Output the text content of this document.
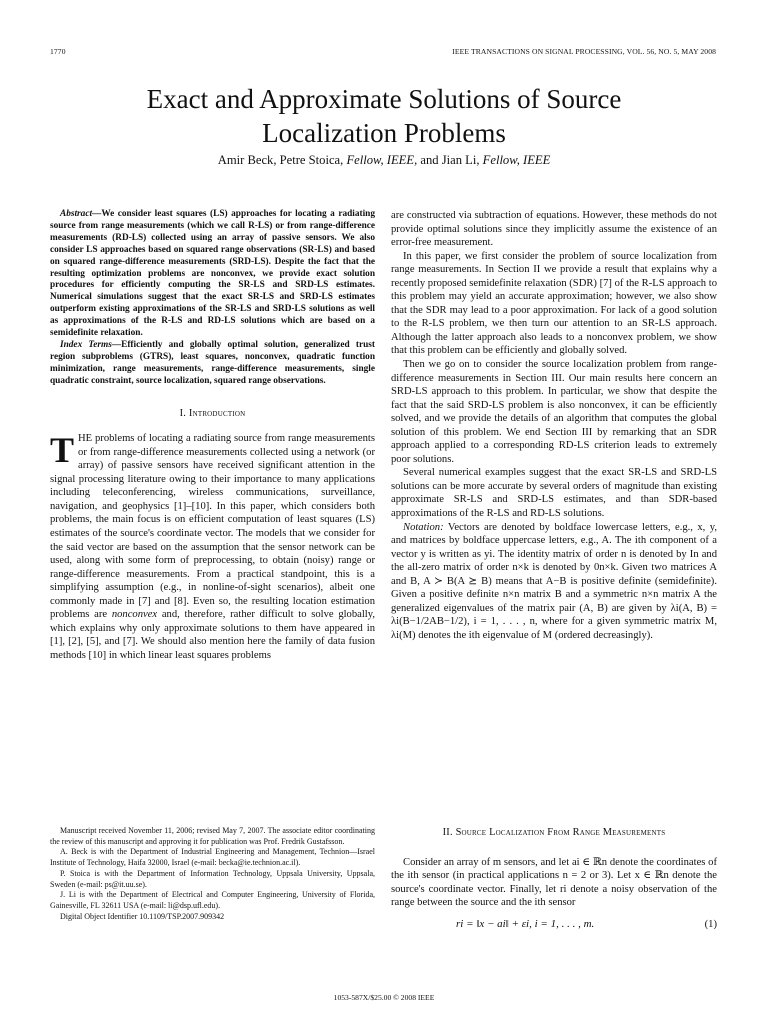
1770	IEEE TRANSACTIONS ON SIGNAL PROCESSING, VOL. 56, NO. 5, MAY 2008
Exact and Approximate Solutions of Source
Localization Problems

Amir Beck, Petre Stoica, Fellow, IEEE, and Jian Li, Fellow, IEEE

Abstract—We consider least squares (LS) approaches for locating a radiating source from range measurements (which we call R-LS) or from range-difference measurements (RD-LS) collected using an array of passive sensors. We also consider LS approaches based on squared range observations (SR-LS) and based on squared range-difference measurements (SRD-LS). Despite the fact that the resulting optimization problems are nonconvex, we provide exact solution procedures for efficiently computing the SR-LS and SRD-LS estimates. Numerical simulations suggest that the exact SR-LS and SRD-LS estimates outperform existing approximations of the SR-LS and SRD-LS solutions as well as approximations of the R-LS and RD-LS solutions which are based on a semidefinite relaxation.

Index Terms—Efficiently and globally optimal solution, generalized trust region subproblems (GTRS), least squares, nonconvex, quadratic function minimization, range measurements, range-difference measurements, single quadratic constraint, source localization, squared range observations.

I. Introduction

THE problems of locating a radiating source from range measurements or from range-difference measurements collected using a network (or array) of passive sensors have received significant attention in the signal processing literature owing to their importance to many applications including teleconferencing, wireless communications, surveillance, navigation, and geophysics [1]–[10]. In this paper, which considers both problems, the main focus is on efficient computation of least squares (LS) estimates of the source's coordinate vector. The models that we consider for the said vector are based on the assumption that the sensor network can be used, along with some form of preprocessing, to obtain (noisy) range or range-difference measurements. From a practical standpoint, this is a simplifying assumption (e.g., in nonline-of-sight scenarios), albeit one commonly made in [7] and [8]. Even so, the resulting location estimation problems are nonconvex and, therefore, rather difficult to solve globally, which explains why only approximate solutions to them have appeared in [1], [2], [5], and [7]. We should also mention here the family of data fusion methods [10] in which linear least squares problems

are constructed via subtraction of equations. However, these methods do not provide optimal solutions since they implicitly assume the existence of an error-free measurement.

In this paper, we first consider the problem of source localization from range measurements. In Section II we provide a result that explains why a recently proposed semidefinite relaxation (SDR) [7] of the R-LS approach to this problem may yield an accurate approximation; however, we also show that the SDR may lead to a poor approximation. For lack of a good solution to the R-LS problem, we then turn our attention to an SR-LS approach. Although the latter approach also leads to a nonconvex problem, we show that this problem can be efficiently and globally solved.

Then we go on to consider the source localization problem from range-difference measurements in Section III. Our main results here concern an SRD-LS approach to this problem. In particular, we show that despite the fact that the said SRD-LS problem is also nonconvex, it can be efficiently solved, and we provide the details of an algorithm that computes the global solution of this problem. We end Section III by remarking that an SDR approach applied to a corresponding RD-LS criterion leads to extremely poor solutions.

Several numerical examples suggest that the exact SR-LS and SRD-LS solutions can be more accurate by several orders of magnitude than existing approximate SR-LS and SRD-LS estimates, and than SDR-based approximations of the R-LS and RD-LS solutions.

Notation: Vectors are denoted by boldface lowercase letters, e.g., x, y, and matrices by boldface uppercase letters, e.g., A. The ith component of a vector y is written as yi. The identity matrix of order n is denoted by In and the all-zero matrix of order n×k is denoted by 0n×k. Given two matrices A and B, A ≻ B(A ⪰ B) means that A−B is positive definite (semidefinite). Given a positive definite n×n matrix B and a symmetric n×n matrix A the generalized eigenvalues of the matrix pair (A, B) are given by λi(A, B) = λi(B−1/2AB−1/2), i = 1, . . . , n, where for a given symmetric matrix M, λi(M) denotes the ith eigenvalue of M (ordered decreasingly).

Manuscript received November 11, 2006; revised May 7, 2007. The associate editor coordinating the review of this manuscript and approving it for publication was Prof. Fredrik Gustafsson.

A. Beck is with the Department of Industrial Engineering and Management, Technion—Israel Institute of Technology, Haifa 32000, Israel (e-mail: becka@ie.technion.ac.il).

P. Stoica is with the Department of Information Technology, Uppsala University, Uppsala, Sweden (e-mail: ps@it.uu.se).

J. Li is with the Department of Electrical and Computer Engineering, University of Florida, Gainesville, FL 32611 USA (e-mail: li@dsp.ufl.edu).

Digital Object Identifier 10.1109/TSP.2007.909342

II. Source Localization From Range Measurements

Consider an array of m sensors, and let ai ∈ ℝn denote the coordinates of the ith sensor (in practical applications n = 2 or 3). Let x ∈ ℝn denote the source's coordinate vector. Finally, let ri denote a noisy observation of the range between the source and the ith sensor

ri = ‖x − ai‖ + εi, i = 1, . . . , m.	(1)
1053-587X/$25.00 © 2008 IEEE
